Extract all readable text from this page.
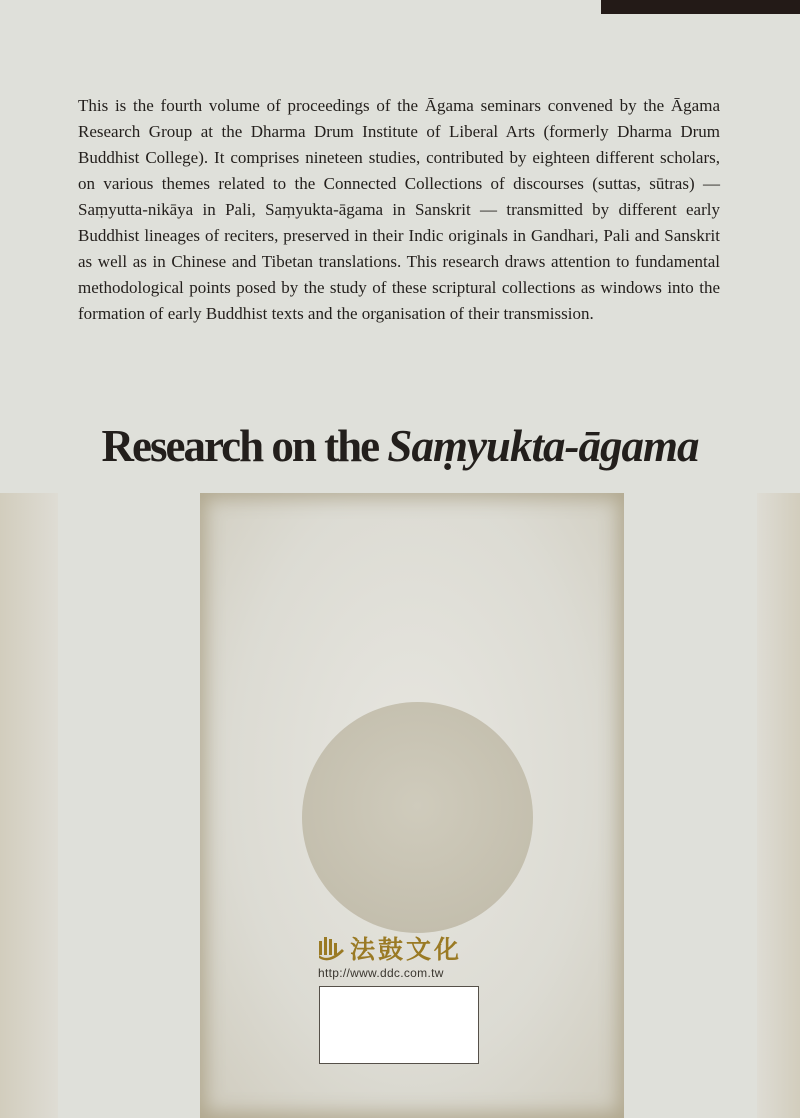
This is the fourth volume of proceedings of the Āgama seminars convened by the Āgama Research Group at the Dharma Drum Institute of Liberal Arts (formerly Dharma Drum Buddhist College). It comprises nineteen studies, contributed by eighteen different scholars, on various themes related to the Connected Collections of discourses (suttas, sūtras) — Saṃyutta-nikāya in Pali, Saṃyukta-āgama in Sanskrit — transmitted by different early Buddhist lineages of reciters, preserved in their Indic originals in Gandhari, Pali and Sanskrit as well as in Chinese and Tibetan translations. This research draws attention to fundamental methodological points posed by the study of these scriptural collections as windows into the formation of early Buddhist texts and the organisation of their transmission.

Research on the Saṃyukta-āgama
法鼓文化
http://www.ddc.com.tw
